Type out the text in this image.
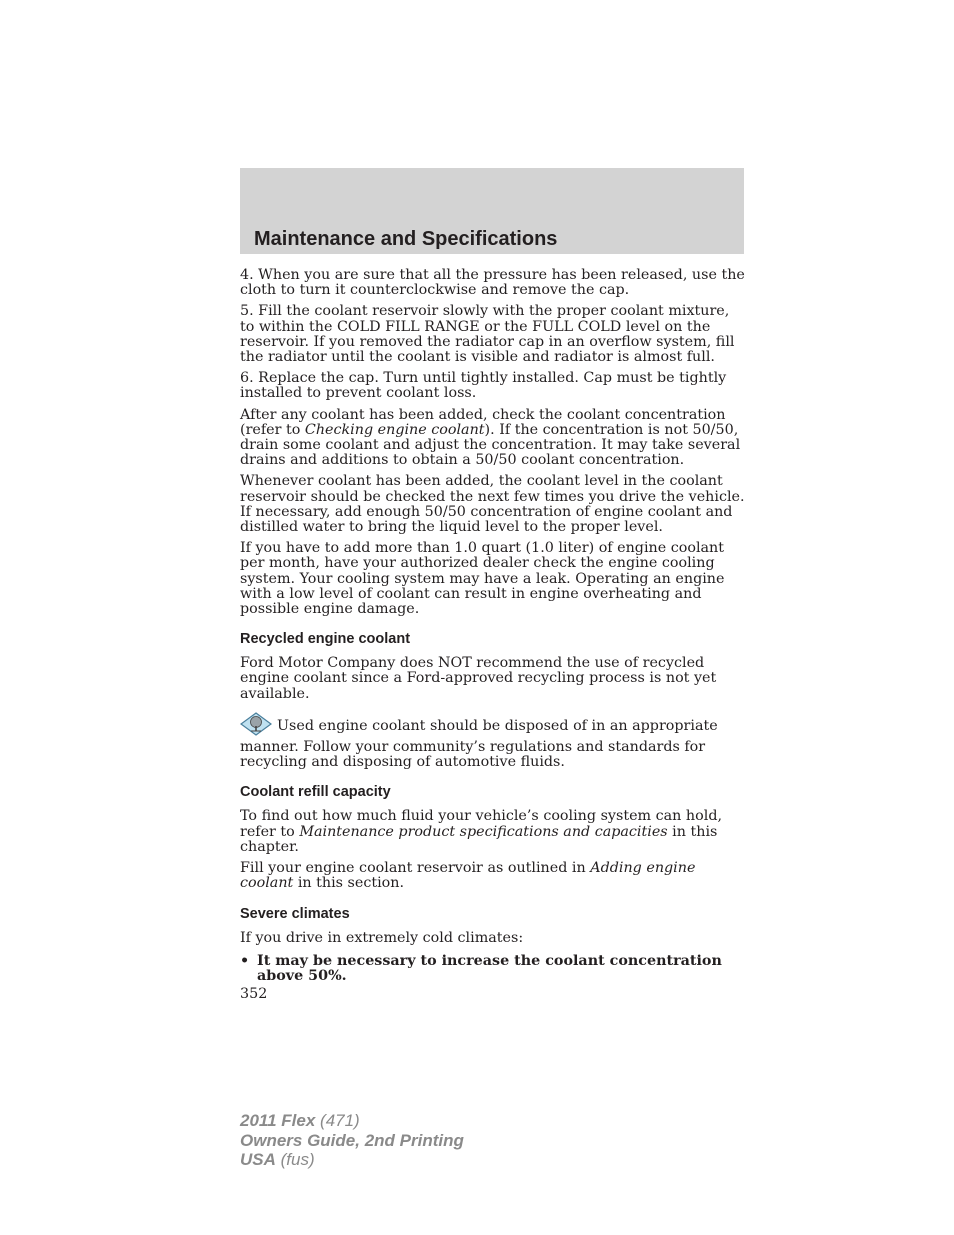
Maintenance and Specifications

4. When you are sure that all the pressure has been released, use the cloth to turn it counterclockwise and remove the cap.

5. Fill the coolant reservoir slowly with the proper coolant mixture, to within the COLD FILL RANGE or the FULL COLD level on the reservoir. If you removed the radiator cap in an overflow system, fill the radiator until the coolant is visible and radiator is almost full.

6. Replace the cap. Turn until tightly installed. Cap must be tightly installed to prevent coolant loss.

After any coolant has been added, check the coolant concentration (refer to Checking engine coolant). If the concentration is not 50/50, drain some coolant and adjust the concentration. It may take several drains and additions to obtain a 50/50 coolant concentration.

Whenever coolant has been added, the coolant level in the coolant reservoir should be checked the next few times you drive the vehicle. If necessary, add enough 50/50 concentration of engine coolant and distilled water to bring the liquid level to the proper level.

If you have to add more than 1.0 quart (1.0 liter) of engine coolant per month, have your authorized dealer check the engine cooling system. Your cooling system may have a leak. Operating an engine with a low level of coolant can result in engine overheating and possible engine damage.

Recycled engine coolant

Ford Motor Company does NOT recommend the use of recycled engine coolant since a Ford-approved recycling process is not yet available.

Used engine coolant should be disposed of in an appropriate manner. Follow your community’s regulations and standards for recycling and disposing of automotive fluids.

Coolant refill capacity

To find out how much fluid your vehicle’s cooling system can hold, refer to Maintenance product specifications and capacities in this chapter.

Fill your engine coolant reservoir as outlined in Adding engine coolant in this section.

Severe climates

If you drive in extremely cold climates:

• It may be necessary to increase the coolant concentration above 50%.
352
2011 Flex (471)
Owners Guide, 2nd Printing
USA (fus)
